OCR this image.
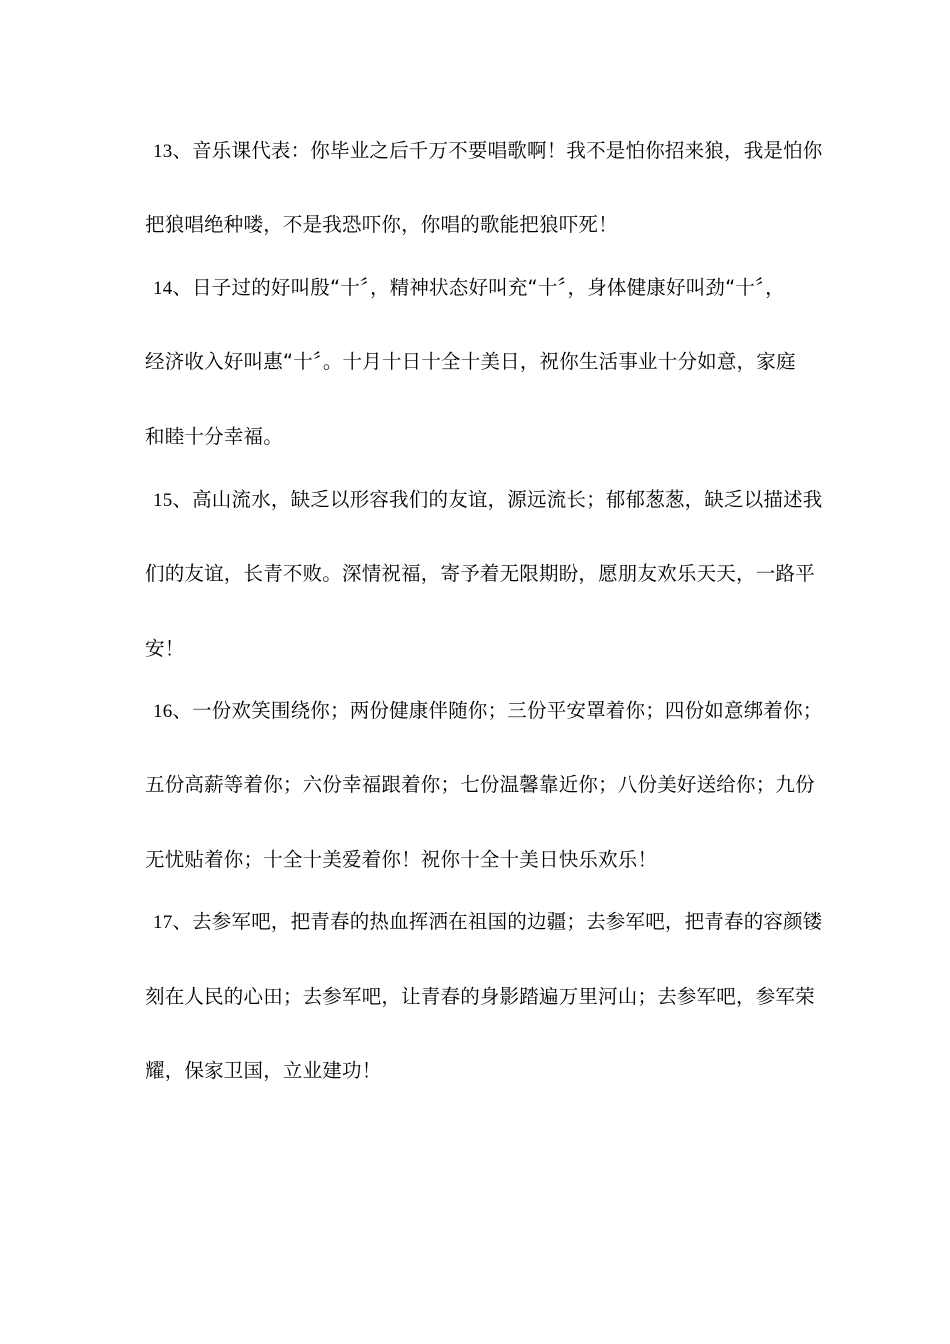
13、音乐课代表：你毕业之后千万不要唱歌啊！我不是怕你招来狼，我是怕你
把狼唱绝种喽，不是我恐吓你，你唱的歌能把狼吓死！
14、日子过的好叫殷“十〞，精神状态好叫充“十〞，身体健康好叫劲“十〞，
经济收入好叫惠“十〞。十月十日十全十美日，祝你生活事业十分如意，家庭
和睦十分幸福。
15、高山流水，缺乏以形容我们的友谊，源远流长；郁郁葱葱，缺乏以描述我
们的友谊，长青不败。深情祝福，寄予着无限期盼，愿朋友欢乐天天，一路平
安！
16、一份欢笑围绕你；两份健康伴随你；三份平安罩着你；四份如意绑着你；
五份高薪等着你；六份幸福跟着你；七份温馨靠近你；八份美好送给你；九份
无忧贴着你；十全十美爱着你！祝你十全十美日快乐欢乐！
17、去参军吧，把青春的热血挥洒在祖国的边疆；去参军吧，把青春的容颜镂
刻在人民的心田；去参军吧，让青春的身影踏遍万里河山；去参军吧，参军荣
耀，保家卫国，立业建功！
